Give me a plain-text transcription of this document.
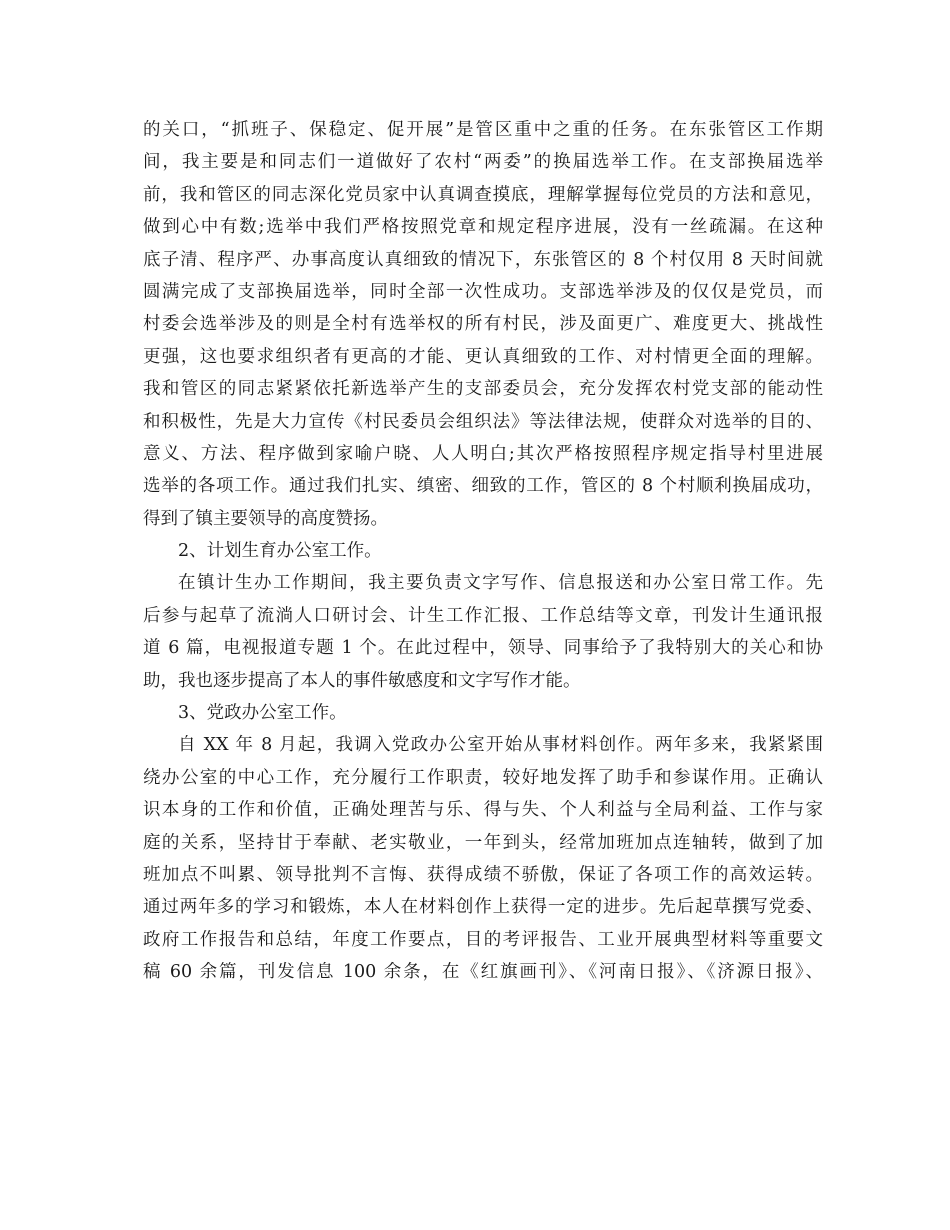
的关口，“抓班子、保稳定、促开展”是管区重中之重的任务。在东张管区工作期
间，我主要是和同志们一道做好了农村“两委”的换届选举工作。在支部换届选举
前，我和管区的同志深化党员家中认真调查摸底，理解掌握每位党员的方法和意见，
做到心中有数;选举中我们严格按照党章和规定程序进展，没有一丝疏漏。在这种
底子清、程序严、办事高度认真细致的情况下，东张管区的 8 个村仅用 8 天时间就
圆满完成了支部换届选举，同时全部一次性成功。支部选举涉及的仅仅是党员，而
村委会选举涉及的则是全村有选举权的所有村民，涉及面更广、难度更大、挑战性
更强，这也要求组织者有更高的才能、更认真细致的工作、对村情更全面的理解。
我和管区的同志紧紧依托新选举产生的支部委员会，充分发挥农村党支部的能动性
和积极性，先是大力宣传《村民委员会组织法》等法律法规，使群众对选举的目的、
意义、方法、程序做到家喻户晓、人人明白;其次严格按照程序规定指导村里进展
选举的各项工作。通过我们扎实、缜密、细致的工作，管区的 8 个村顺利换届成功，
得到了镇主要领导的高度赞扬。
2、计划生育办公室工作。
在镇计生办工作期间，我主要负责文字写作、信息报送和办公室日常工作。先
后参与起草了流淌人口研讨会、计生工作汇报、工作总结等文章，刊发计生通讯报
道 6 篇，电视报道专题 1 个。在此过程中，领导、同事给予了我特别大的关心和协
助，我也逐步提高了本人的事件敏感度和文字写作才能。
3、党政办公室工作。
自 XX 年 8 月起，我调入党政办公室开始从事材料创作。两年多来，我紧紧围
绕办公室的中心工作，充分履行工作职责，较好地发挥了助手和参谋作用。正确认
识本身的工作和价值，正确处理苦与乐、得与失、个人利益与全局利益、工作与家
庭的关系，坚持甘于奉献、老实敬业，一年到头，经常加班加点连轴转，做到了加
班加点不叫累、领导批判不言悔、获得成绩不骄傲，保证了各项工作的高效运转。
通过两年多的学习和锻炼，本人在材料创作上获得一定的进步。先后起草撰写党委、
政府工作报告和总结，年度工作要点，目的考评报告、工业开展典型材料等重要文
稿 60 余篇，刊发信息 100 余条，在《红旗画刊》、《河南日报》、《济源日报》、
